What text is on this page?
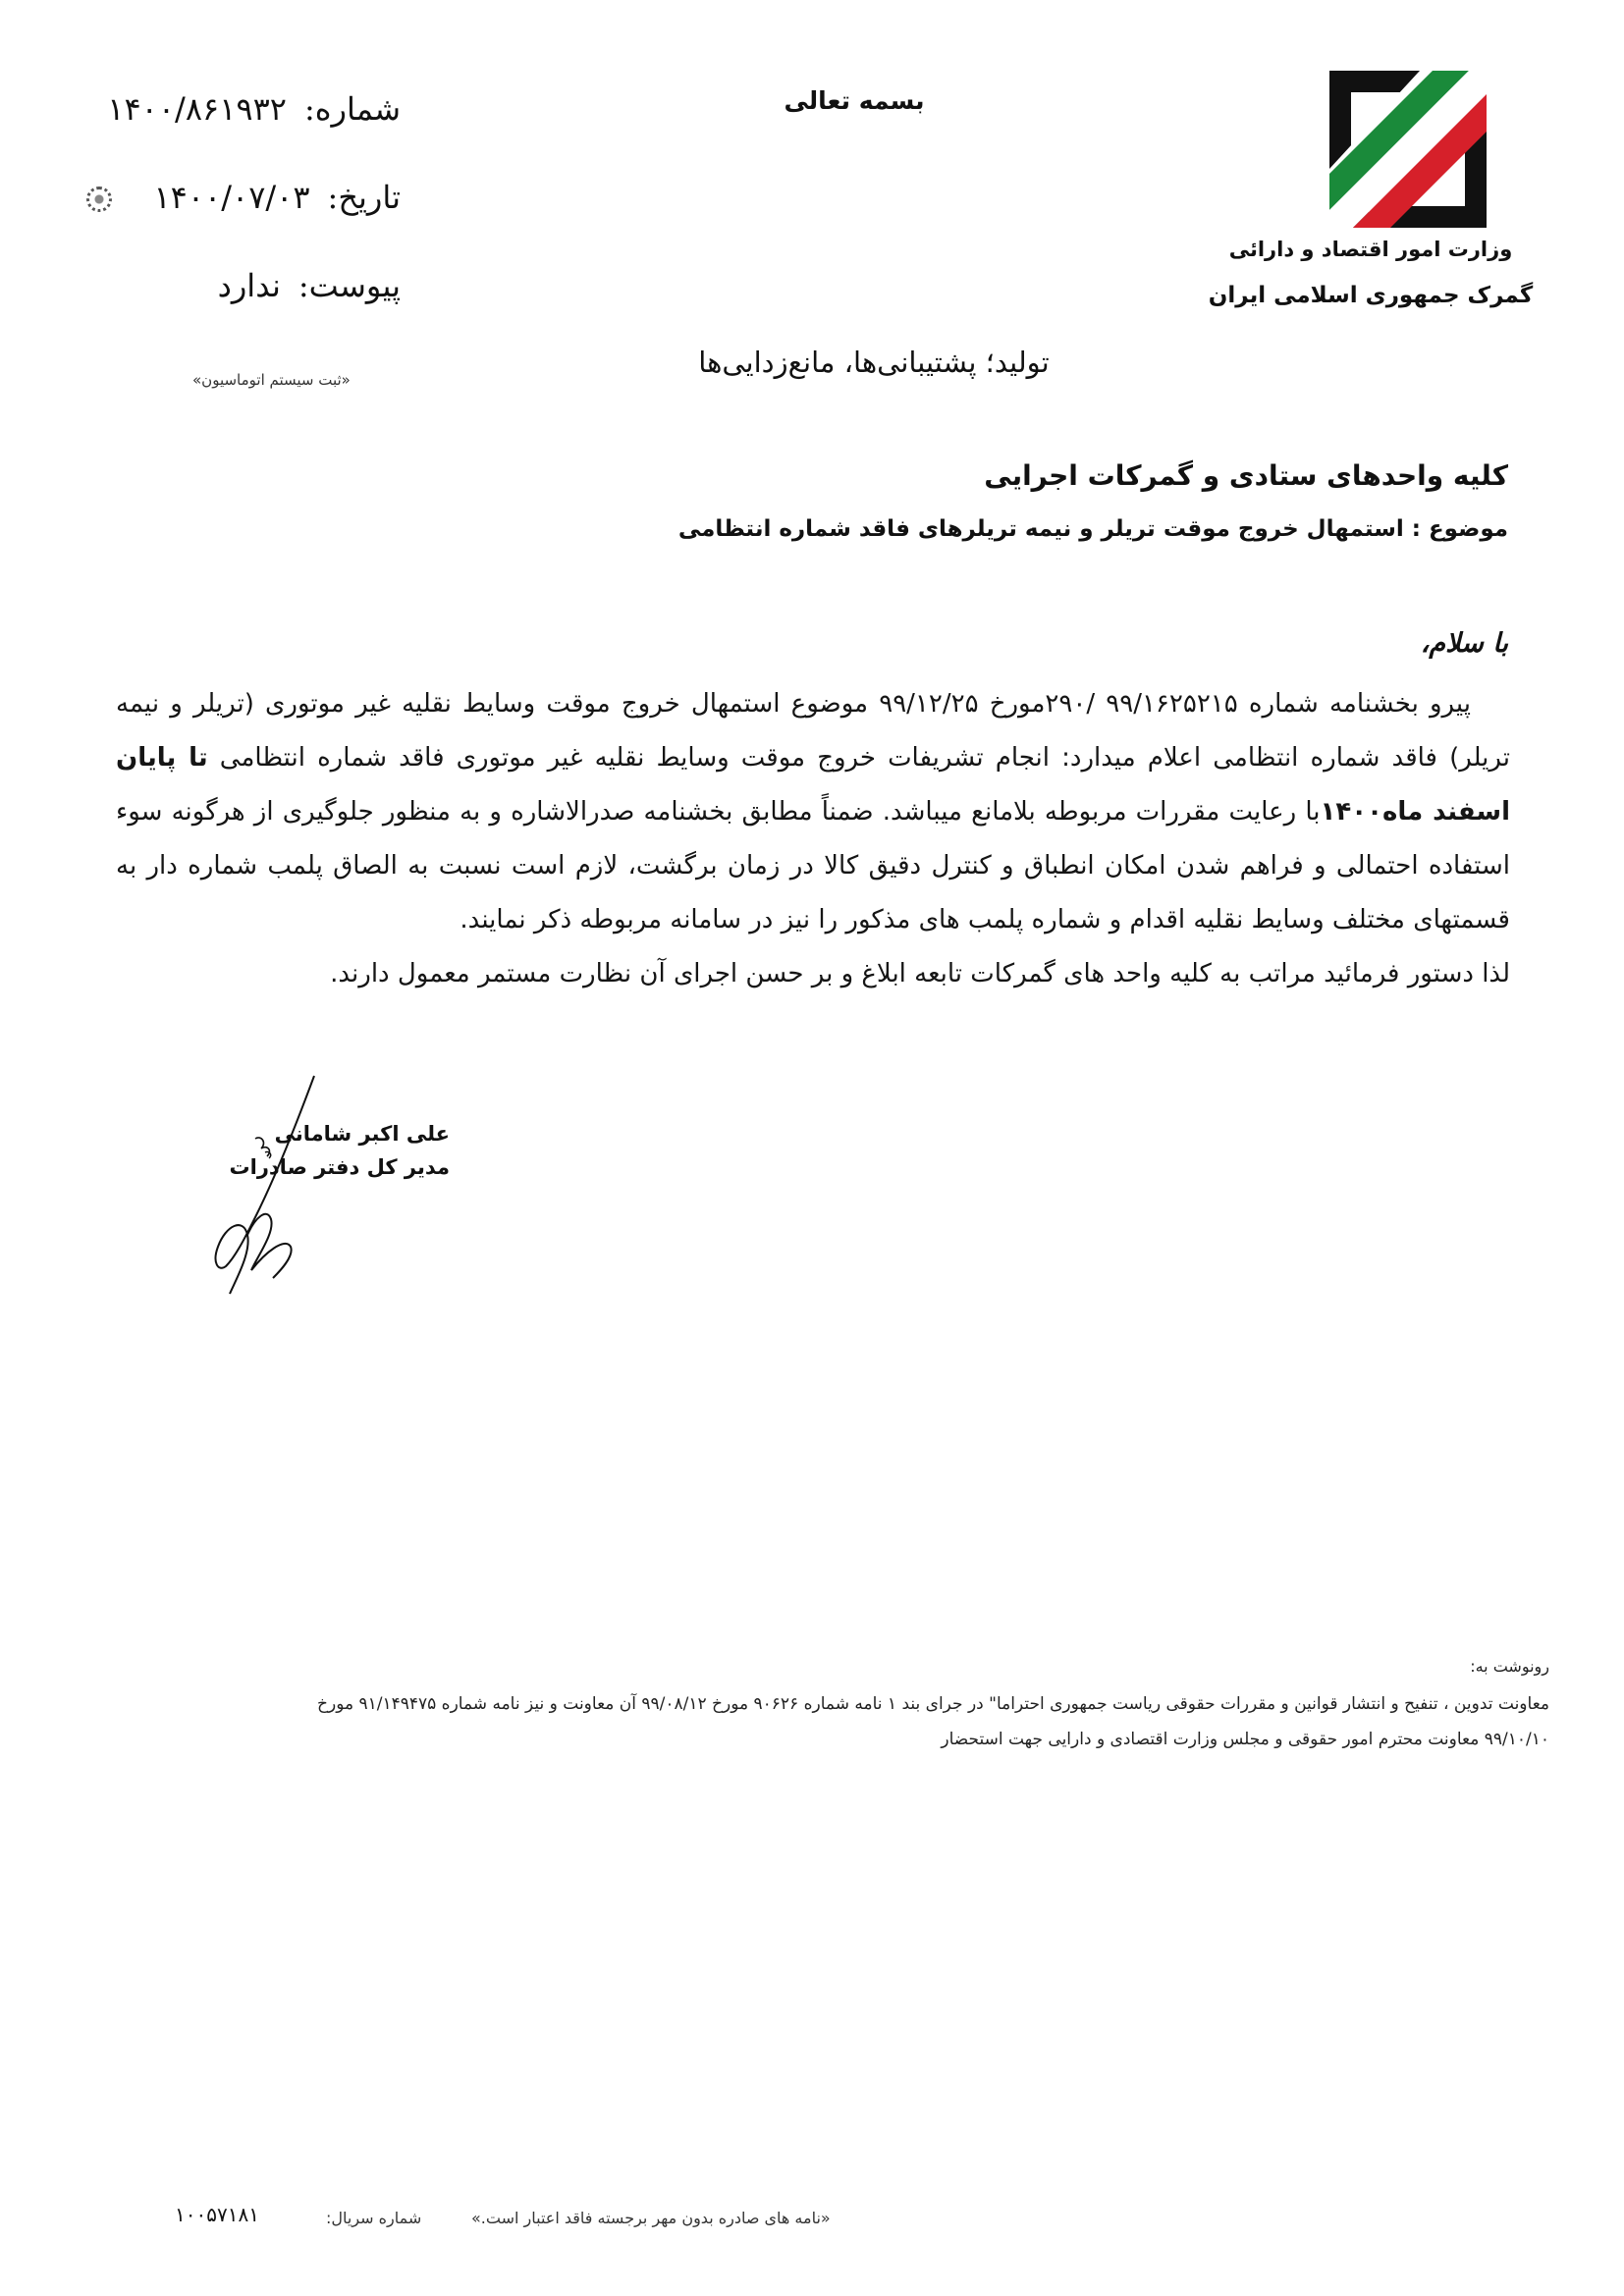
شماره:۱۴۰۰/۸۶۱۹۳۲
تاریخ:۱۴۰۰/۰۷/۰۳
پیوست:ندارد
«ثبت سیستم اتوماسیون»
بسمه تعالی
تولید؛ پشتیبانی‌ها، مانع‌زدایی‌ها
وزارت امور اقتصاد و دارائی
گمرک جمهوری اسلامی ایران
کلیه واحدهای ستادی و گمرکات اجرایی
موضوع : استمهال خروج موقت تریلر و نیمه تریلرهای فاقد شماره انتظامی
با سلام،

پیرو بخشنامه شماره ۹۹/۱۶۲۵۲۱۵ /۲۹۰مورخ ۹۹/۱۲/۲۵ موضوع استمهال خروج موقت وسایط نقلیه غیر موتوری (تریلر و نیمه تریلر) فاقد شماره انتظامی اعلام میدارد: انجام تشریفات خروج موقت وسایط نقلیه غیر موتوری فاقد شماره انتظامی تا پایان اسفند ماه۱۴۰۰با رعایت مقررات مربوطه بلامانع میباشد. ضمناً مطابق بخشنامه صدرالاشاره و به منظور جلوگیری از هرگونه سوء استفاده احتمالی و فراهم شدن امکان انطباق و کنترل دقیق کالا در زمان برگشت، لازم است نسبت به الصاق پلمب شماره دار به قسمتهای مختلف وسایط نقلیه اقدام و شماره پلمب های مذکور را نیز در سامانه مربوطه ذکر نمایند.

لذا دستور فرمائید مراتب به کلیه واحد های گمرکات تابعه ابلاغ و بر حسن اجرای آن نظارت مستمر معمول دارند.

علی اکبر شامانی
مدیر کل دفتر صادرات
رونوشت به:
معاونت تدوین ، تنفیح و انتشار قوانین و مقررات حقوقی ریاست جمهوری احتراما" در جرای بند ۱ نامه شماره ۹۰۶۲۶ مورخ ۹۹/۰۸/۱۲ آن معاونت و نیز نامه شماره ۹۱/۱۴۹۴۷۵ مورخ
۹۹/۱۰/۱۰ معاونت محترم امور حقوقی و مجلس وزارت اقتصادی و دارایی جهت استحضار
«نامه های صادره بدون مهر برجسته فاقد اعتبار است.»
شماره سریال:
۱۰۰۵۷۱۸۱
